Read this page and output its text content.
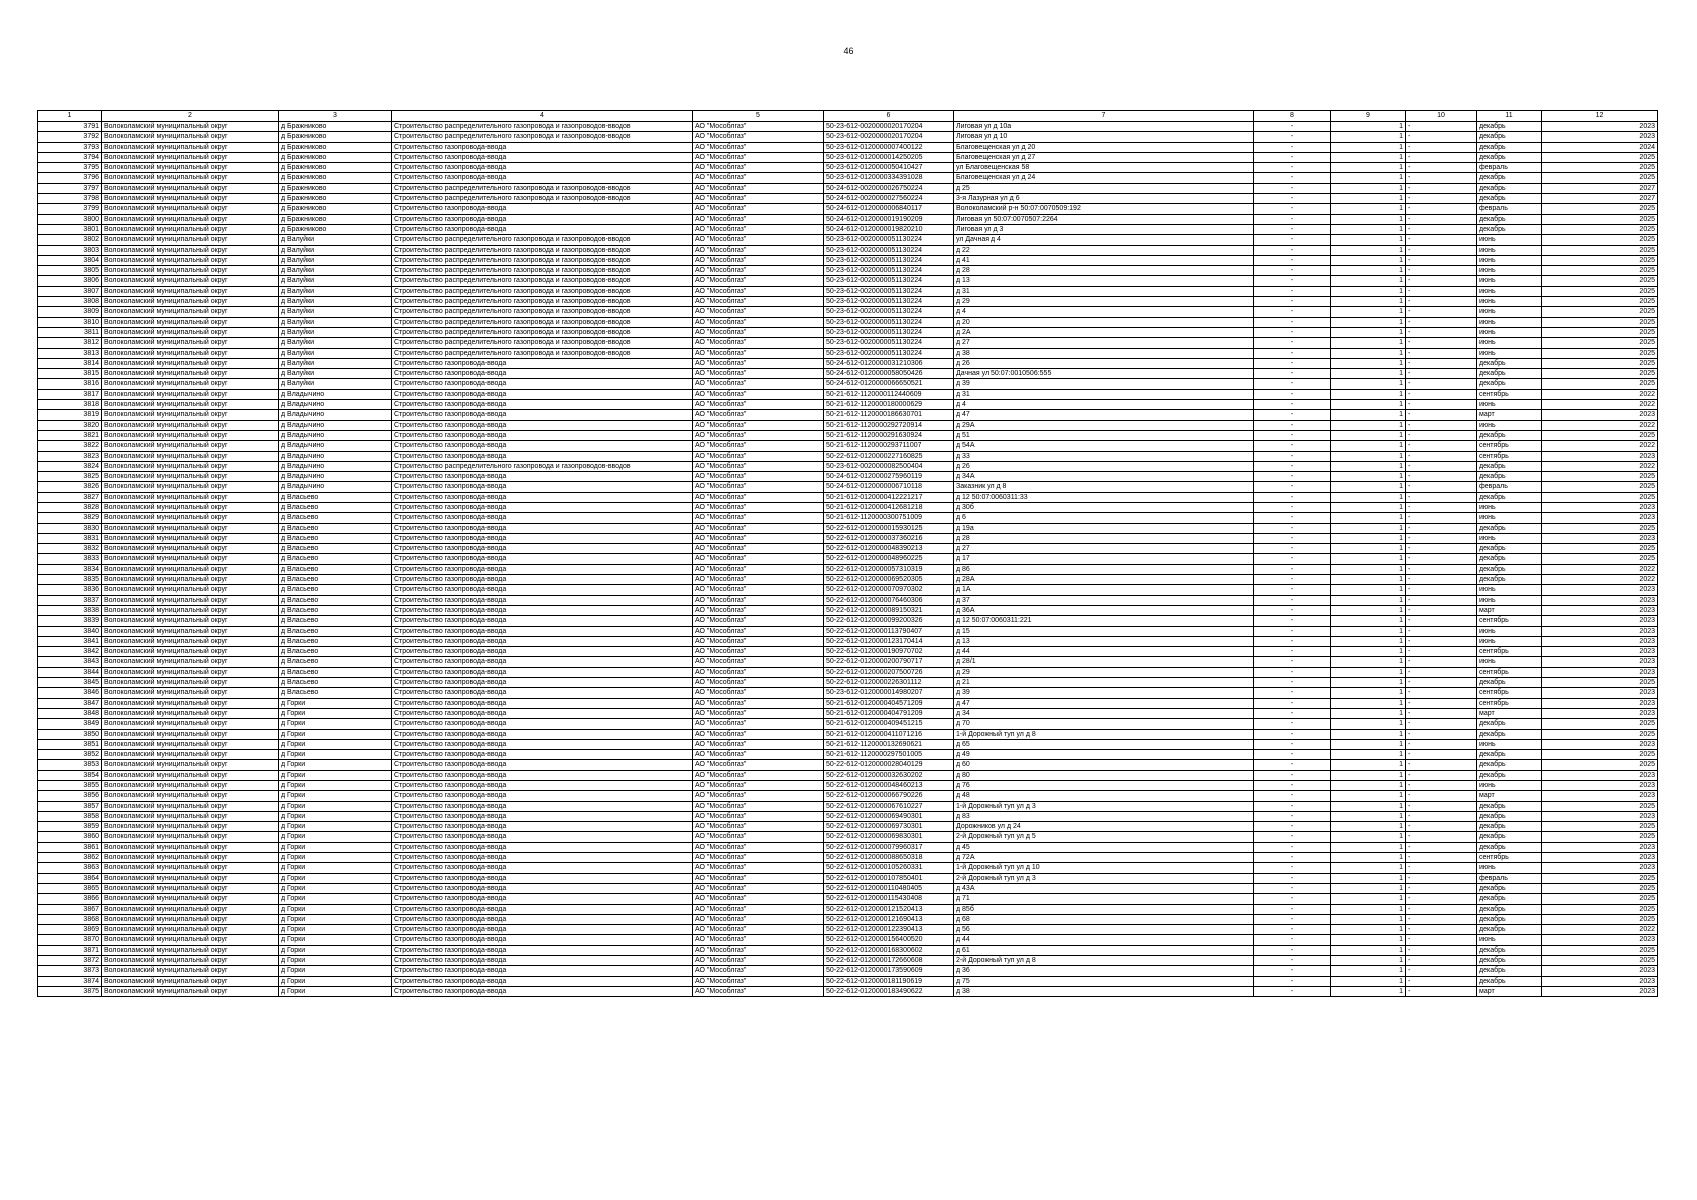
46
1	2	3	4	5	6	7	8	9	10	11	12
3791	Волоколамский муниципальный округ	д Бражниково	Строительство распределительного газопровода и газопроводов-вводов	АО "Мособлгаз"	50-23-612-0020000020170204	Лиговая ул д 10а	-	1	-	декабрь	2023
3792	Волоколамский муниципальный округ	д Бражниково	Строительство распределительного газопровода и газопроводов-вводов	АО "Мособлгаз"	50-23-612-0020000020170204	Лиговая ул д 10	-	1	-	декабрь	2023
3793	Волоколамский муниципальный округ	д Бражниково	Строительство газопровода-ввода	АО "Мособлгаз"	50-23-612-0120000007400122	Благовещенская ул д 20	-	1	-	декабрь	2024
3794	Волоколамский муниципальный округ	д Бражниково	Строительство газопровода-ввода	АО "Мособлгаз"	50-23-612-0120000014250205	Благовещенская ул д 27	-	1	-	декабрь	2025
3795	Волоколамский муниципальный округ	д Бражниково	Строительство газопровода-ввода	АО "Мособлгаз"	50-23-612-0120000050410427	ул Благовещенская 58	-	1	-	февраль	2025
3796	Волоколамский муниципальный округ	д Бражниково	Строительство газопровода-ввода	АО "Мособлгаз"	50-23-612-0120000334391028	Благовещенская ул д 24	-	1	-	декабрь	2025
3797	Волоколамский муниципальный округ	д Бражниково	Строительство распределительного газопровода и газопроводов-вводов	АО "Мособлгаз"	50-24-612-0020000026750224	д 25	-	1	-	декабрь	2027
3798	Волоколамский муниципальный округ	д Бражниково	Строительство распределительного газопровода и газопроводов-вводов	АО "Мособлгаз"	50-24-612-0020000027560224	3-я Лазурная ул д 6	-	1	-	декабрь	2027
3799	Волоколамский муниципальный округ	д Бражниково	Строительство газопровода-ввода	АО "Мособлгаз"	50-24-612-0120000006840117	Волоколамский р-н 50:07:0070509:192	-	1	-	февраль	2025
3800	Волоколамский муниципальный округ	д Бражниково	Строительство газопровода-ввода	АО "Мособлгаз"	50-24-612-0120000019190209	Лиговая ул 50:07:0070507:2264	-	1	-	декабрь	2025
3801	Волоколамский муниципальный округ	д Бражниково	Строительство газопровода-ввода	АО "Мособлгаз"	50-24-612-0120000019820210	Лиговая ул д 3	-	1	-	декабрь	2025
3802	Волоколамский муниципальный округ	д Валуйки	Строительство распределительного газопровода и газопроводов-вводов	АО "Мособлгаз"	50-23-612-0020000051130224	ул Дачная д 4	-	1	-	июнь	2025
3803	Волоколамский муниципальный округ	д Валуйки	Строительство распределительного газопровода и газопроводов-вводов	АО "Мособлгаз"	50-23-612-0020000051130224	д 22	-	1	-	июнь	2025
3804	Волоколамский муниципальный округ	д Валуйки	Строительство распределительного газопровода и газопроводов-вводов	АО "Мособлгаз"	50-23-612-0020000051130224	д 41	-	1	-	июнь	2025
3805	Волоколамский муниципальный округ	д Валуйки	Строительство распределительного газопровода и газопроводов-вводов	АО "Мособлгаз"	50-23-612-0020000051130224	д 28	-	1	-	июнь	2025
3806	Волоколамский муниципальный округ	д Валуйки	Строительство распределительного газопровода и газопроводов-вводов	АО "Мособлгаз"	50-23-612-0020000051130224	д 13	-	1	-	июнь	2025
3807	Волоколамский муниципальный округ	д Валуйки	Строительство распределительного газопровода и газопроводов-вводов	АО "Мособлгаз"	50-23-612-0020000051130224	д 31	-	1	-	июнь	2025
3808	Волоколамский муниципальный округ	д Валуйки	Строительство распределительного газопровода и газопроводов-вводов	АО "Мособлгаз"	50-23-612-0020000051130224	д 29	-	1	-	июнь	2025
3809	Волоколамский муниципальный округ	д Валуйки	Строительство распределительного газопровода и газопроводов-вводов	АО "Мособлгаз"	50-23-612-0020000051130224	д 4	-	1	-	июнь	2025
3810	Волоколамский муниципальный округ	д Валуйки	Строительство распределительного газопровода и газопроводов-вводов	АО "Мособлгаз"	50-23-612-0020000051130224	д 20	-	1	-	июнь	2025
3811	Волоколамский муниципальный округ	д Валуйки	Строительство распределительного газопровода и газопроводов-вводов	АО "Мособлгаз"	50-23-612-0020000051130224	д 2А	-	1	-	июнь	2025
3812	Волоколамский муниципальный округ	д Валуйки	Строительство распределительного газопровода и газопроводов-вводов	АО "Мособлгаз"	50-23-612-0020000051130224	д 27	-	1	-	июнь	2025
3813	Волоколамский муниципальный округ	д Валуйки	Строительство распределительного газопровода и газопроводов-вводов	АО "Мособлгаз"	50-23-612-0020000051130224	д 38	-	1	-	июнь	2025
3814	Волоколамский муниципальный округ	д Валуйки	Строительство газопровода-ввода	АО "Мособлгаз"	50-24-612-0120000031210306	д 26	-	1	-	декабрь	2025
3815	Волоколамский муниципальный округ	д Валуйки	Строительство газопровода-ввода	АО "Мособлгаз"	50-24-612-0120000058050426	Дачная ул 50:07:0010506:555	-	1	-	декабрь	2025
3816	Волоколамский муниципальный округ	д Валуйки	Строительство газопровода-ввода	АО "Мособлгаз"	50-24-612-0120000066650521	д 39	-	1	-	декабрь	2025
3817	Волоколамский муниципальный округ	д Владычино	Строительство газопровода-ввода	АО "Мособлгаз"	50-21-612-1120000112440609	д 31	-	1	-	сентябрь	2022
3818	Волоколамский муниципальный округ	д Владычино	Строительство газопровода-ввода	АО "Мособлгаз"	50-21-612-1120000180000629	д 4	-	1	-	июнь	2022
3819	Волоколамский муниципальный округ	д Владычино	Строительство газопровода-ввода	АО "Мособлгаз"	50-21-612-1120000186630701	д 47	-	1	-	март	2023
3820	Волоколамский муниципальный округ	д Владычино	Строительство газопровода-ввода	АО "Мособлгаз"	50-21-612-1120000292720914	д 29А	-	1	-	июнь	2022
3821	Волоколамский муниципальный округ	д Владычино	Строительство газопровода-ввода	АО "Мособлгаз"	50-21-612-1120000291630924	д 51	-	1	-	декабрь	2025
3822	Волоколамский муниципальный округ	д Владычино	Строительство газопровода-ввода	АО "Мособлгаз"	50-21-612-1120000293711007	д 54А	-	1	-	сентябрь	2022
3823	Волоколамский муниципальный округ	д Владычино	Строительство газопровода-ввода	АО "Мособлгаз"	50-22-612-0120000227160825	д 33	-	1	-	сентябрь	2023
3824	Волоколамский муниципальный округ	д Владычино	Строительство распределительного газопровода и газопроводов-вводов	АО "Мособлгаз"	50-23-612-0020000082500404	д 26	-	1	-	декабрь	2022
3825	Волоколамский муниципальный округ	д Владычино	Строительство газопровода-ввода	АО "Мособлгаз"	50-24-612-0120000275960119	д 34А	-	1	-	декабрь	2025
3826	Волоколамский муниципальный округ	д Владычино	Строительство газопровода-ввода	АО "Мособлгаз"	50-24-612-0120000006710118	Заказник ул д 8	-	1	-	февраль	2025
3827	Волоколамский муниципальный округ	д Власьево	Строительство газопровода-ввода	АО "Мособлгаз"	50-21-612-0120000412221217	д 12 50:07:0060311:33	-	1	-	декабрь	2025
3828	Волоколамский муниципальный округ	д Власьево	Строительство газопровода-ввода	АО "Мособлгаз"	50-21-612-0120000412681218	д 30б	-	1	-	июнь	2023
3829	Волоколамский муниципальный округ	д Власьево	Строительство газопровода-ввода	АО "Мособлгаз"	50-21-612-1120000300751009	д 6	-	1	-	июнь	2023
3830	Волоколамский муниципальный округ	д Власьево	Строительство газопровода-ввода	АО "Мособлгаз"	50-22-612-0120000015930125	д 19а	-	1	-	декабрь	2025
3831	Волоколамский муниципальный округ	д Власьево	Строительство газопровода-ввода	АО "Мособлгаз"	50-22-612-0120000037360216	д 28	-	1	-	июнь	2023
3832	Волоколамский муниципальный округ	д Власьево	Строительство газопровода-ввода	АО "Мособлгаз"	50-22-612-0120000048390213	д 27	-	1	-	декабрь	2025
3833	Волоколамский муниципальный округ	д Власьево	Строительство газопровода-ввода	АО "Мособлгаз"	50-22-612-0120000048960225	д 17	-	1	-	декабрь	2025
3834	Волоколамский муниципальный округ	д Власьево	Строительство газопровода-ввода	АО "Мособлгаз"	50-22-612-0120000057310319	д 86	-	1	-	декабрь	2022
3835	Волоколамский муниципальный округ	д Власьево	Строительство газопровода-ввода	АО "Мособлгаз"	50-22-612-0120000069520305	д 28А	-	1	-	декабрь	2022
3836	Волоколамский муниципальный округ	д Власьево	Строительство газопровода-ввода	АО "Мособлгаз"	50-22-612-0120000070970302	д 1А	-	1	-	июнь	2023
3837	Волоколамский муниципальный округ	д Власьево	Строительство газопровода-ввода	АО "Мособлгаз"	50-22-612-0120000076460306	д 37	-	1	-	июнь	2023
3838	Волоколамский муниципальный округ	д Власьево	Строительство газопровода-ввода	АО "Мособлгаз"	50-22-612-0120000089150321	д 36А	-	1	-	март	2023
3839	Волоколамский муниципальный округ	д Власьево	Строительство газопровода-ввода	АО "Мособлгаз"	50-22-612-0120000099200326	д 12 50:07:0060311:221	-	1	-	сентябрь	2023
3840	Волоколамский муниципальный округ	д Власьево	Строительство газопровода-ввода	АО "Мособлгаз"	50-22-612-0120000113790407	д 15	-	1	-	июнь	2023
3841	Волоколамский муниципальный округ	д Власьево	Строительство газопровода-ввода	АО "Мособлгаз"	50-22-612-0120000123170414	д 13	-	1	-	июнь	2023
3842	Волоколамский муниципальный округ	д Власьево	Строительство газопровода-ввода	АО "Мособлгаз"	50-22-612-0120000190970702	д 44	-	1	-	сентябрь	2023
3843	Волоколамский муниципальный округ	д Власьево	Строительство газопровода-ввода	АО "Мособлгаз"	50-22-612-0120000200790717	д 28/1	-	1	-	июнь	2023
3844	Волоколамский муниципальный округ	д Власьево	Строительство газопровода-ввода	АО "Мособлгаз"	50-22-612-0120000207500726	д 29	-	1	-	сентябрь	2023
3845	Волоколамский муниципальный округ	д Власьево	Строительство газопровода-ввода	АО "Мособлгаз"	50-22-612-0120000226301112	д 21	-	1	-	декабрь	2025
3846	Волоколамский муниципальный округ	д Власьево	Строительство газопровода-ввода	АО "Мособлгаз"	50-23-612-0120000014980207	д 39	-	1	-	сентябрь	2023
3847	Волоколамский муниципальный округ	д Горки	Строительство газопровода-ввода	АО "Мособлгаз"	50-21-612-0120000404571209	д 47	-	1	-	сентябрь	2023
3848	Волоколамский муниципальный округ	д Горки	Строительство газопровода-ввода	АО "Мособлгаз"	50-21-612-0120000404791209	д 34	-	1	-	март	2023
3849	Волоколамский муниципальный округ	д Горки	Строительство газопровода-ввода	АО "Мособлгаз"	50-21-612-0120000409451215	д 70	-	1	-	декабрь	2025
3850	Волоколамский муниципальный округ	д Горки	Строительство газопровода-ввода	АО "Мособлгаз"	50-21-612-0120000411071216	1-й Дорожный туп ул д 8	-	1	-	декабрь	2025
3851	Волоколамский муниципальный округ	д Горки	Строительство газопровода-ввода	АО "Мособлгаз"	50-21-612-1120000132690621	д 65	-	1	-	июнь	2023
3852	Волоколамский муниципальный округ	д Горки	Строительство газопровода-ввода	АО "Мособлгаз"	50-21-612-1120000297501005	д 49	-	1	-	декабрь	2025
3853	Волоколамский муниципальный округ	д Горки	Строительство газопровода-ввода	АО "Мособлгаз"	50-22-612-0120000028040129	д 60	-	1	-	декабрь	2025
3854	Волоколамский муниципальный округ	д Горки	Строительство газопровода-ввода	АО "Мособлгаз"	50-22-612-0120000032630202	д 80	-	1	-	декабрь	2023
3855	Волоколамский муниципальный округ	д Горки	Строительство газопровода-ввода	АО "Мособлгаз"	50-22-612-0120000048460213	д 76	-	1	-	июнь	2023
3856	Волоколамский муниципальный округ	д Горки	Строительство газопровода-ввода	АО "Мособлгаз"	50-22-612-0120000066790226	д 48	-	1	-	март	2023
3857	Волоколамский муниципальный округ	д Горки	Строительство газопровода-ввода	АО "Мособлгаз"	50-22-612-0120000067610227	1-й Дорожный туп ул д 3	-	1	-	декабрь	2025
3858	Волоколамский муниципальный округ	д Горки	Строительство газопровода-ввода	АО "Мособлгаз"	50-22-612-0120000069490301	д 83	-	1	-	декабрь	2023
3859	Волоколамский муниципальный округ	д Горки	Строительство газопровода-ввода	АО "Мособлгаз"	50-22-612-0120000069730301	Дорожников ул д 24	-	1	-	декабрь	2025
3860	Волоколамский муниципальный округ	д Горки	Строительство газопровода-ввода	АО "Мособлгаз"	50-22-612-0120000069830301	2-й Дорожный туп ул д 5	-	1	-	декабрь	2025
3861	Волоколамский муниципальный округ	д Горки	Строительство газопровода-ввода	АО "Мособлгаз"	50-22-612-0120000079960317	д 45	-	1	-	декабрь	2023
3862	Волоколамский муниципальный округ	д Горки	Строительство газопровода-ввода	АО "Мособлгаз"	50-22-612-0120000088650318	д 72А	-	1	-	сентябрь	2023
3863	Волоколамский муниципальный округ	д Горки	Строительство газопровода-ввода	АО "Мособлгаз"	50-22-612-0120000105260331	1-й Дорожный туп ул д 10	-	1	-	июнь	2023
3864	Волоколамский муниципальный округ	д Горки	Строительство газопровода-ввода	АО "Мособлгаз"	50-22-612-0120000107850401	2-й Дорожный туп ул д 3	-	1	-	февраль	2025
3865	Волоколамский муниципальный округ	д Горки	Строительство газопровода-ввода	АО "Мособлгаз"	50-22-612-0120000110480405	д 43А	-	1	-	декабрь	2025
3866	Волоколамский муниципальный округ	д Горки	Строительство газопровода-ввода	АО "Мособлгаз"	50-22-612-0120000115430408	д 71	-	1	-	декабрь	2025
3867	Волоколамский муниципальный округ	д Горки	Строительство газопровода-ввода	АО "Мособлгаз"	50-22-612-0120000121520413	д 85б	-	1	-	декабрь	2025
3868	Волоколамский муниципальный округ	д Горки	Строительство газопровода-ввода	АО "Мособлгаз"	50-22-612-0120000121690413	д 68	-	1	-	декабрь	2025
3869	Волоколамский муниципальный округ	д Горки	Строительство газопровода-ввода	АО "Мособлгаз"	50-22-612-0120000122390413	д 56	-	1	-	декабрь	2022
3870	Волоколамский муниципальный округ	д Горки	Строительство газопровода-ввода	АО "Мособлгаз"	50-22-612-0120000156400520	д 44	-	1	-	июнь	2023
3871	Волоколамский муниципальный округ	д Горки	Строительство газопровода-ввода	АО "Мособлгаз"	50-22-612-0120000168300602	д 61	-	1	-	декабрь	2025
3872	Волоколамский муниципальный округ	д Горки	Строительство газопровода-ввода	АО "Мособлгаз"	50-22-612-0120000172660608	2-й Дорожный туп ул д 8	-	1	-	декабрь	2025
3873	Волоколамский муниципальный округ	д Горки	Строительство газопровода-ввода	АО "Мособлгаз"	50-22-612-0120000173590609	д 36	-	1	-	декабрь	2023
3874	Волоколамский муниципальный округ	д Горки	Строительство газопровода-ввода	АО "Мособлгаз"	50-22-612-0120000181190619	д 75	-	1	-	декабрь	2023
3875	Волоколамский муниципальный округ	д Горки	Строительство газопровода-ввода	АО "Мособлгаз"	50-22-612-0120000183490622	д 38	-	1	-	март	2023
